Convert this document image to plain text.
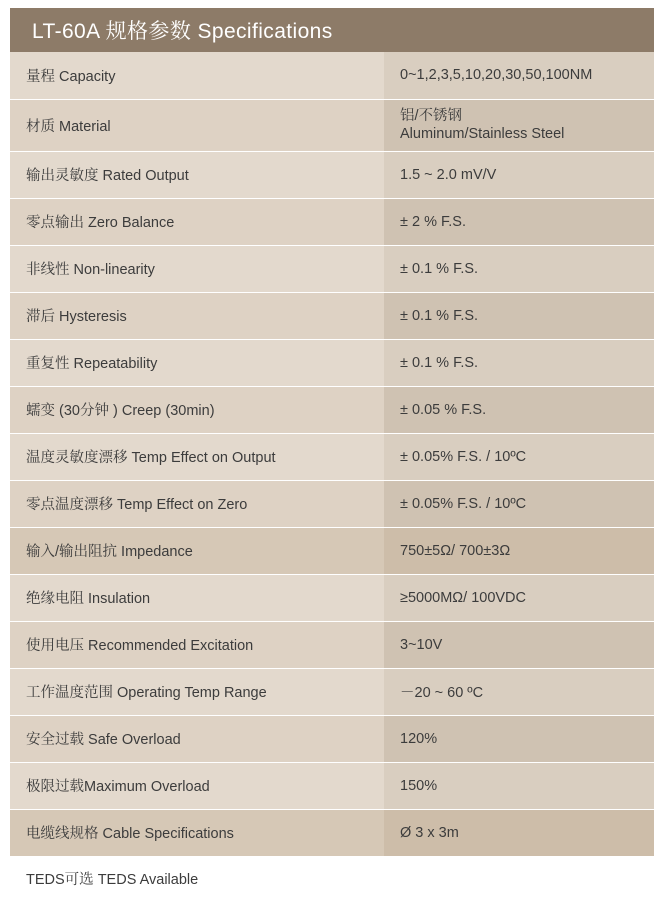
LT-60A 规格参数 Specifications
量程 Capacity	0~1,2,3,5,10,20,30,50,100NM
材质 Material	铝/不锈钢
Aluminum/Stainless Steel

输出灵敏度 Rated Output	1.5 ~ 2.0 mV/V
零点输出 Zero Balance	± 2 % F.S.
非线性 Non-linearity	± 0.1 % F.S.
滞后 Hysteresis	± 0.1 % F.S.
重复性 Repeatability	± 0.1 % F.S.
蠕变 (30分钟 ) Creep (30min)	± 0.05 % F.S.
温度灵敏度漂移 Temp Effect on Output	± 0.05% F.S. / 10ºC
零点温度漂移 Temp Effect on Zero	± 0.05% F.S. / 10ºC
输入/输出阻抗 Impedance	750±5Ω/ 700±3Ω
绝缘电阻 Insulation	≥5000MΩ/ 100VDC
使用电压 Recommended Excitation	3~10V
工作温度范围 Operating Temp Range	－20 ~ 60 ºC
安全过载 Safe Overload	120%
极限过载Maximum Overload	150%
电缆线规格 Cable Specifications	Ø 3 x 3m
TEDS可选 TEDS Available	
